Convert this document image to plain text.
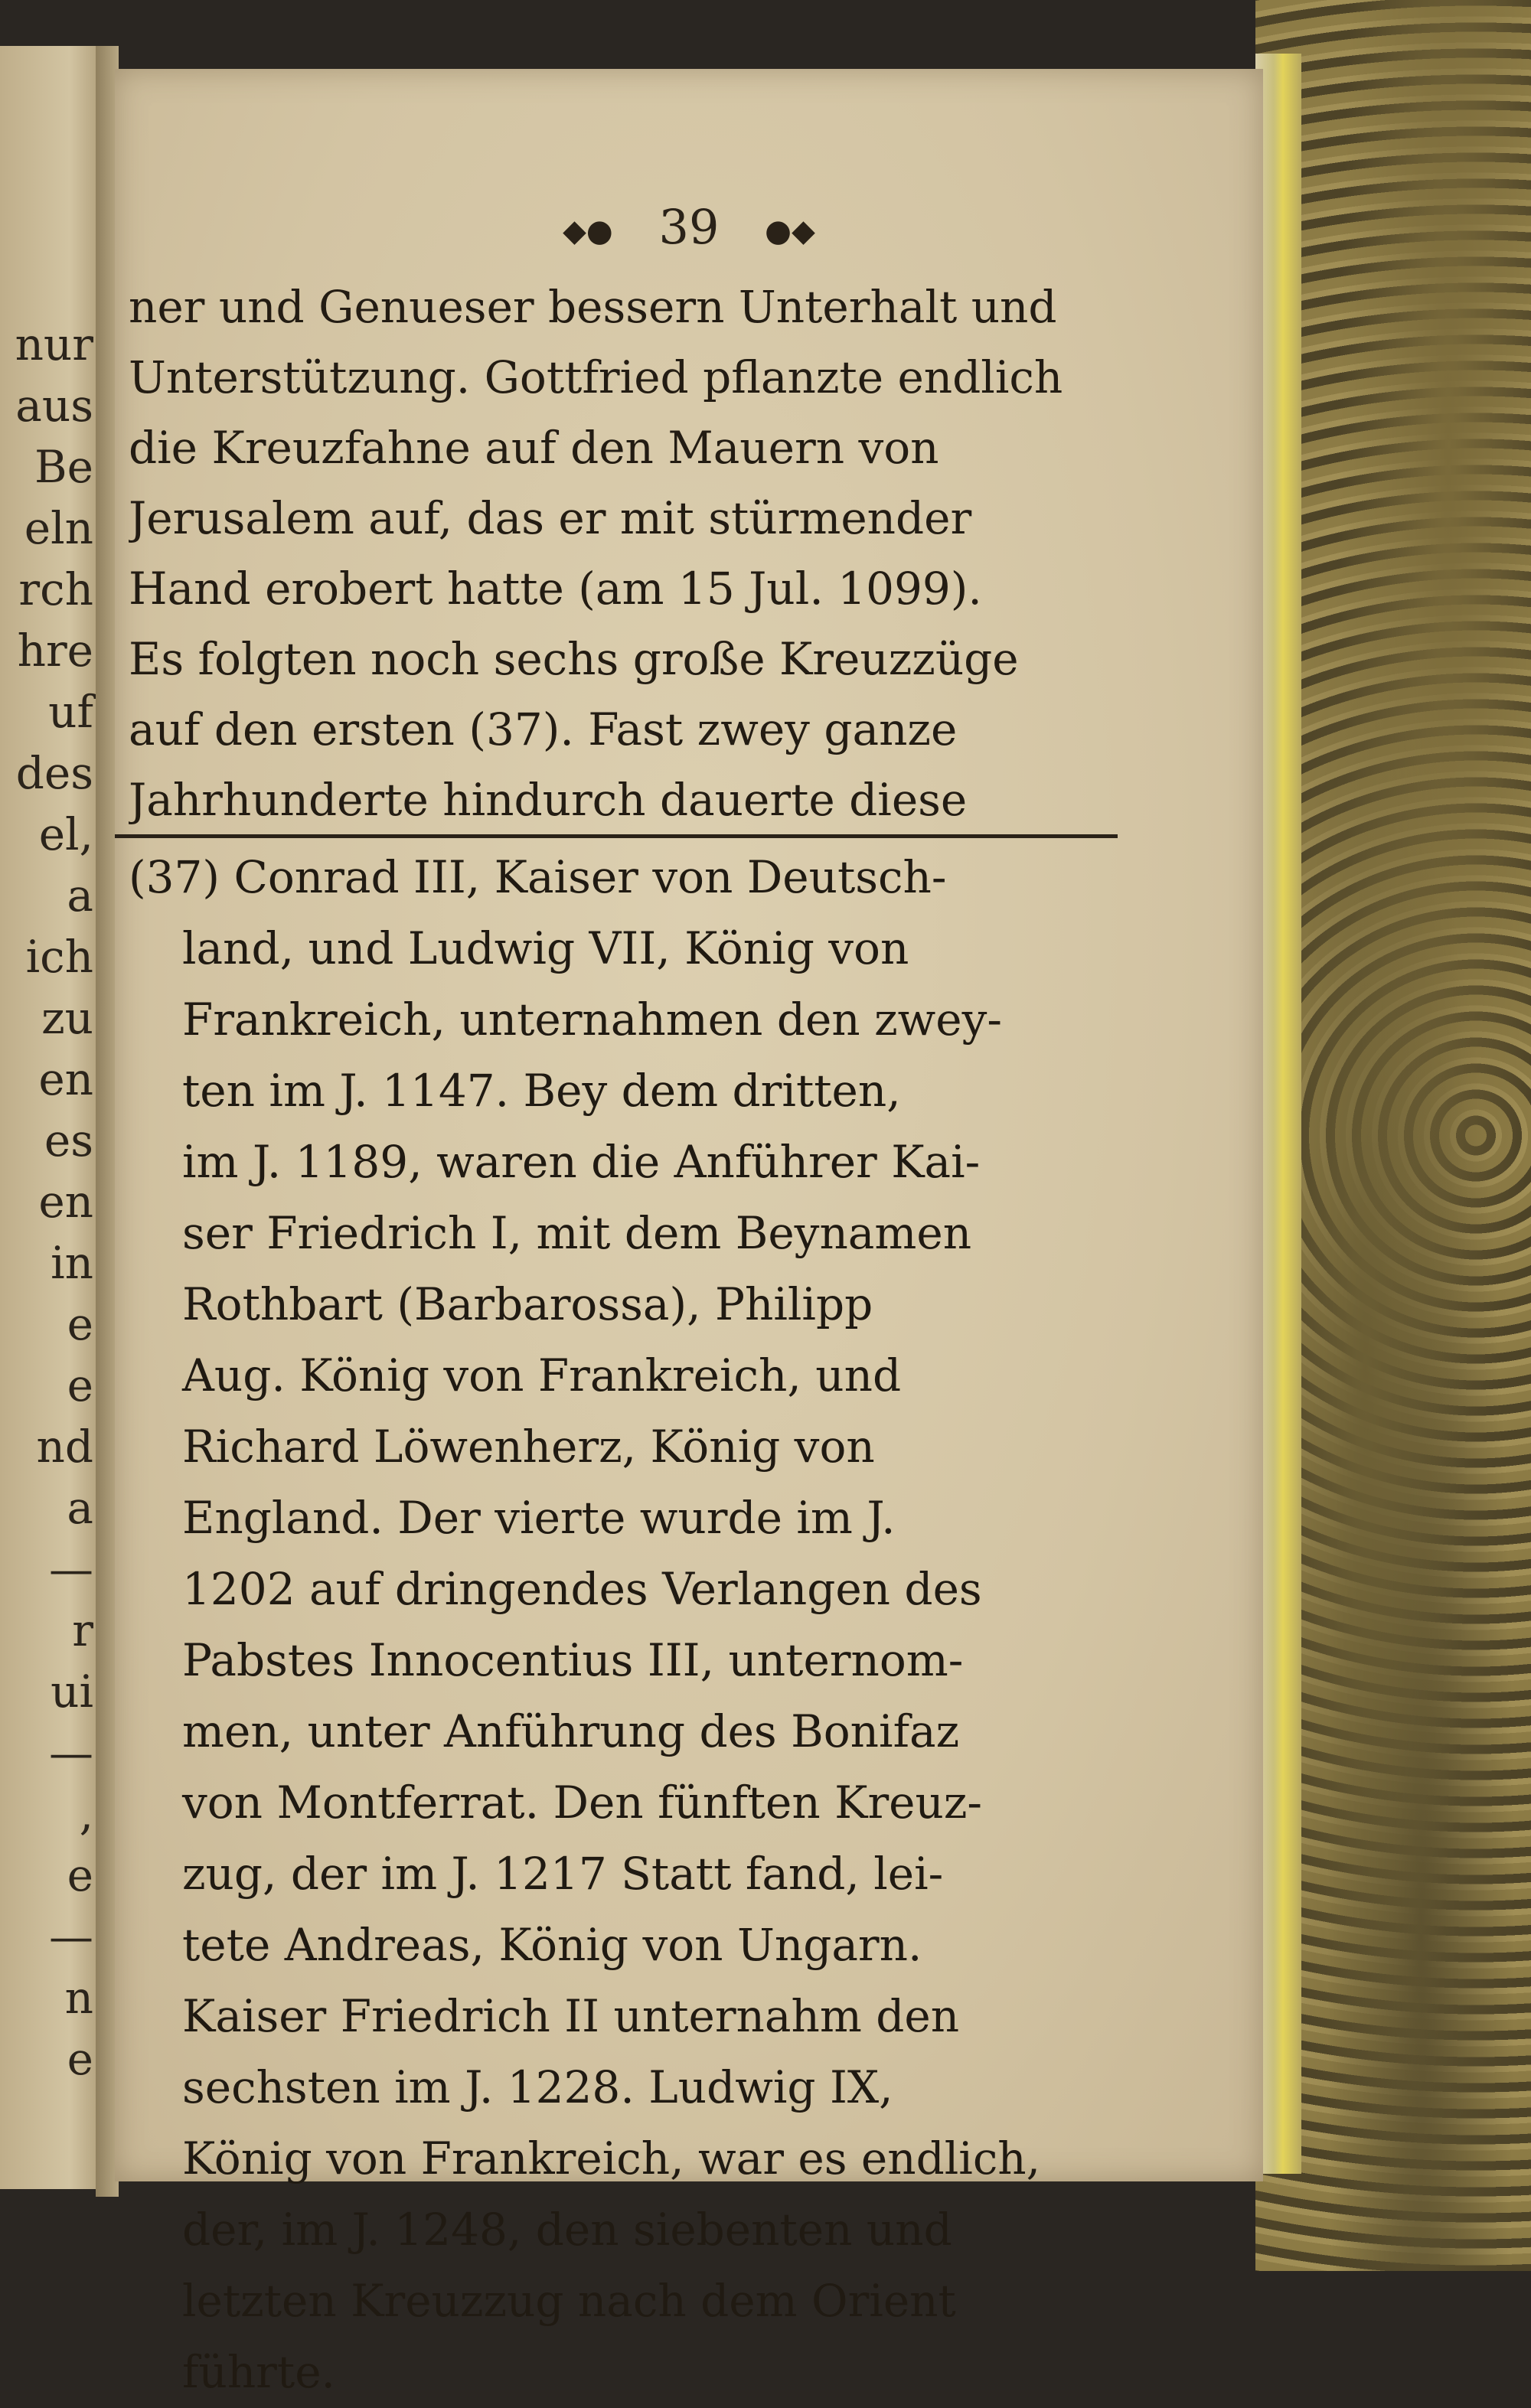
nur
aus
Be
eln
rch
hre
uf
des
el,
a
ich
zu
en
es
en
in
e
e
nd
a
—
r
ui
—
,
e
—
n
e
◆● 39 ●◆
ner und Genueser bessern Unterhalt und
Unterstützung. Gottfried pflanzte endlich
die Kreuzfahne auf den Mauern von
Jerusalem auf, das er mit stürmender
Hand erobert hatte (am 15 Jul. 1099).
Es folgten noch sechs große Kreuzzüge
auf den ersten (37). Fast zwey ganze
Jahrhunderte hindurch dauerte diese
(37) Conrad III, Kaiser von Deutsch-
land, und Ludwig VII, König von
Frankreich, unternahmen den zwey-
ten im J. 1147. Bey dem dritten,
im J. 1189, waren die Anführer Kai-
ser Friedrich I, mit dem Beynamen
Rothbart (Barbarossa), Philipp
Aug. König von Frankreich, und
Richard Löwenherz, König von
England. Der vierte wurde im J.
1202 auf dringendes Verlangen des
Pabstes Innocentius III, unternom-
men, unter Anführung des Bonifaz
von Montferrat. Den fünften Kreuz-
zug, der im J. 1217 Statt fand, lei-
tete Andreas, König von Ungarn.
Kaiser Friedrich II unternahm den
sechsten im J. 1228. Ludwig IX,
König von Frankreich, war es endlich,
der, im J. 1248, den siebenten und
letzten Kreuzzug nach dem Orient
führte.
